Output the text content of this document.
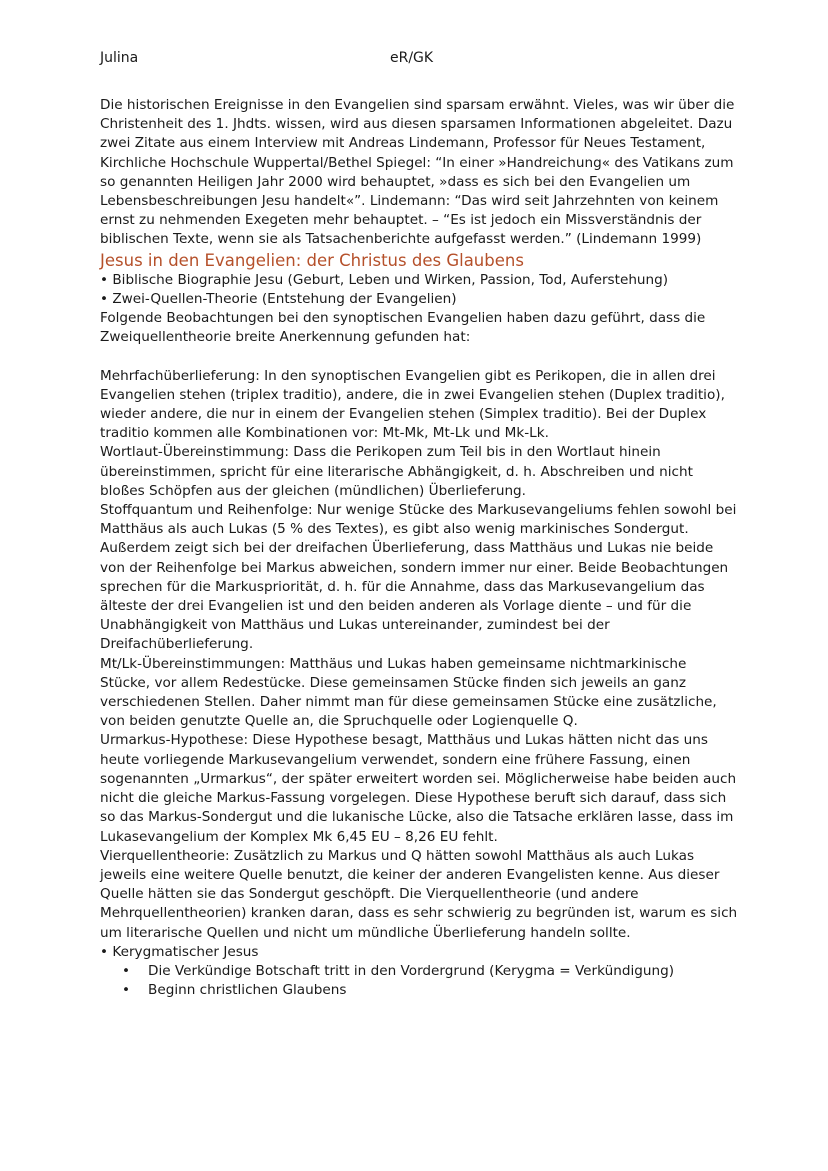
Julina	eR/GK

Die historischen Ereignisse in den Evangelien sind sparsam erwähnt. Vieles, was wir über die Christenheit des 1. Jhdts. wissen, wird aus diesen sparsamen Informationen abgeleitet. Dazu zwei Zitate aus einem Interview mit Andreas Lindemann, Professor für Neues Testament, Kirchliche Hochschule Wuppertal/Bethel Spiegel: “In einer »Handreichung« des Vatikans zum so genannten Heiligen Jahr 2000 wird behauptet, »dass es sich bei den Evangelien um Lebensbeschreibungen Jesu handelt«”. Lindemann: “Das wird seit Jahrzehnten von keinem ernst zu nehmenden Exegeten mehr behauptet. – “Es ist jedoch ein Missverständnis der biblischen Texte, wenn sie als Tatsachenberichte aufgefasst werden.” (Lindemann 1999)

Jesus in den Evangelien: der Christus des Glaubens

• Biblische Biographie Jesu (Geburt, Leben und Wirken, Passion, Tod, Auferstehung)

• Zwei-Quellen-Theorie (Entstehung der Evangelien)

Folgende Beobachtungen bei den synoptischen Evangelien haben dazu geführt, dass die Zweiquellentheorie breite Anerkennung gefunden hat:

Mehrfachüberlieferung: In den synoptischen Evangelien gibt es Perikopen, die in allen drei Evangelien stehen (triplex traditio), andere, die in zwei Evangelien stehen (Duplex traditio), wieder andere, die nur in einem der Evangelien stehen (Simplex traditio). Bei der Duplex traditio kommen alle Kombinationen vor: Mt-Mk, Mt-Lk und Mk-Lk.

Wortlaut-Übereinstimmung: Dass die Perikopen zum Teil bis in den Wortlaut hinein übereinstimmen, spricht für eine literarische Abhängigkeit, d. h. Abschreiben und nicht bloßes Schöpfen aus der gleichen (mündlichen) Überlieferung.

Stoffquantum und Reihenfolge: Nur wenige Stücke des Markusevangeliums fehlen sowohl bei Matthäus als auch Lukas (5 % des Textes), es gibt also wenig markinisches Sondergut. Außerdem zeigt sich bei der dreifachen Überlieferung, dass Matthäus und Lukas nie beide von der Reihenfolge bei Markus abweichen, sondern immer nur einer. Beide Beobachtungen sprechen für die Markuspriorität, d. h. für die Annahme, dass das Markusevangelium das älteste der drei Evangelien ist und den beiden anderen als Vorlage diente – und für die Unabhängigkeit von Matthäus und Lukas untereinander, zumindest bei der Dreifachüberlieferung.

Mt/Lk-Übereinstimmungen: Matthäus und Lukas haben gemeinsame nichtmarkinische Stücke, vor allem Redestücke. Diese gemeinsamen Stücke finden sich jeweils an ganz verschiedenen Stellen. Daher nimmt man für diese gemeinsamen Stücke eine zusätzliche, von beiden genutzte Quelle an, die Spruchquelle oder Logienquelle Q.

Urmarkus-Hypothese: Diese Hypothese besagt, Matthäus und Lukas hätten nicht das uns heute vorliegende Markusevangelium verwendet, sondern eine frühere Fassung, einen sogenannten „Urmarkus“, der später erweitert worden sei. Möglicherweise habe beiden auch nicht die gleiche Markus-Fassung vorgelegen. Diese Hypothese beruft sich darauf, dass sich so das Markus-Sondergut und die lukanische Lücke, also die Tatsache erklären lasse, dass im Lukasevangelium der Komplex Mk 6,45 EU – 8,26 EU fehlt.

Vierquellentheorie: Zusätzlich zu Markus und Q hätten sowohl Matthäus als auch Lukas jeweils eine weitere Quelle benutzt, die keiner der anderen Evangelisten kenne. Aus dieser Quelle hätten sie das Sondergut geschöpft. Die Vierquellentheorie (und andere Mehrquellentheorien) kranken daran, dass es sehr schwierig zu begründen ist, warum es sich um literarische Quellen und nicht um mündliche Überlieferung handeln sollte.

• Kerygmatischer Jesus

• Die Verkündige Botschaft tritt in den Vordergrund (Kerygma = Verkündigung)
• Beginn christlichen Glaubens
